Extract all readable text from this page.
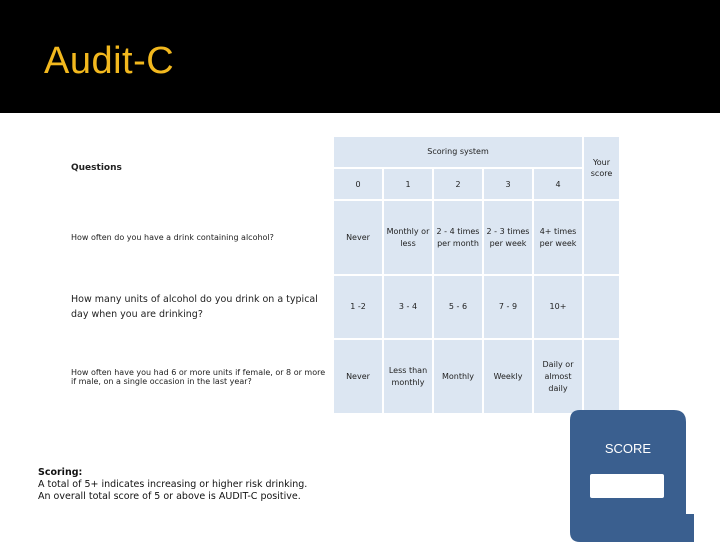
Audit-C
Questions	Scoring system					Your score
	0	1	2	3	4	
How often do you have a drink containing alcohol?	Never	Monthly or less	2 - 4 times per month	2 - 3 times per week	4+ times per week	
How many units of alcohol do you drink on a typical day when you are drinking?	1 -2	3 - 4	5 - 6	7 - 9	10+	
How often have you had 6 or more units if female, or 8 or more if male, on a single occasion in the last year?	Never	Less than monthly	Monthly	Weekly	Daily or almost daily	
Scoring:
A total of 5+ indicates increasing or higher risk drinking.
An overall total score of 5 or above is AUDIT-C positive.
SCORE
